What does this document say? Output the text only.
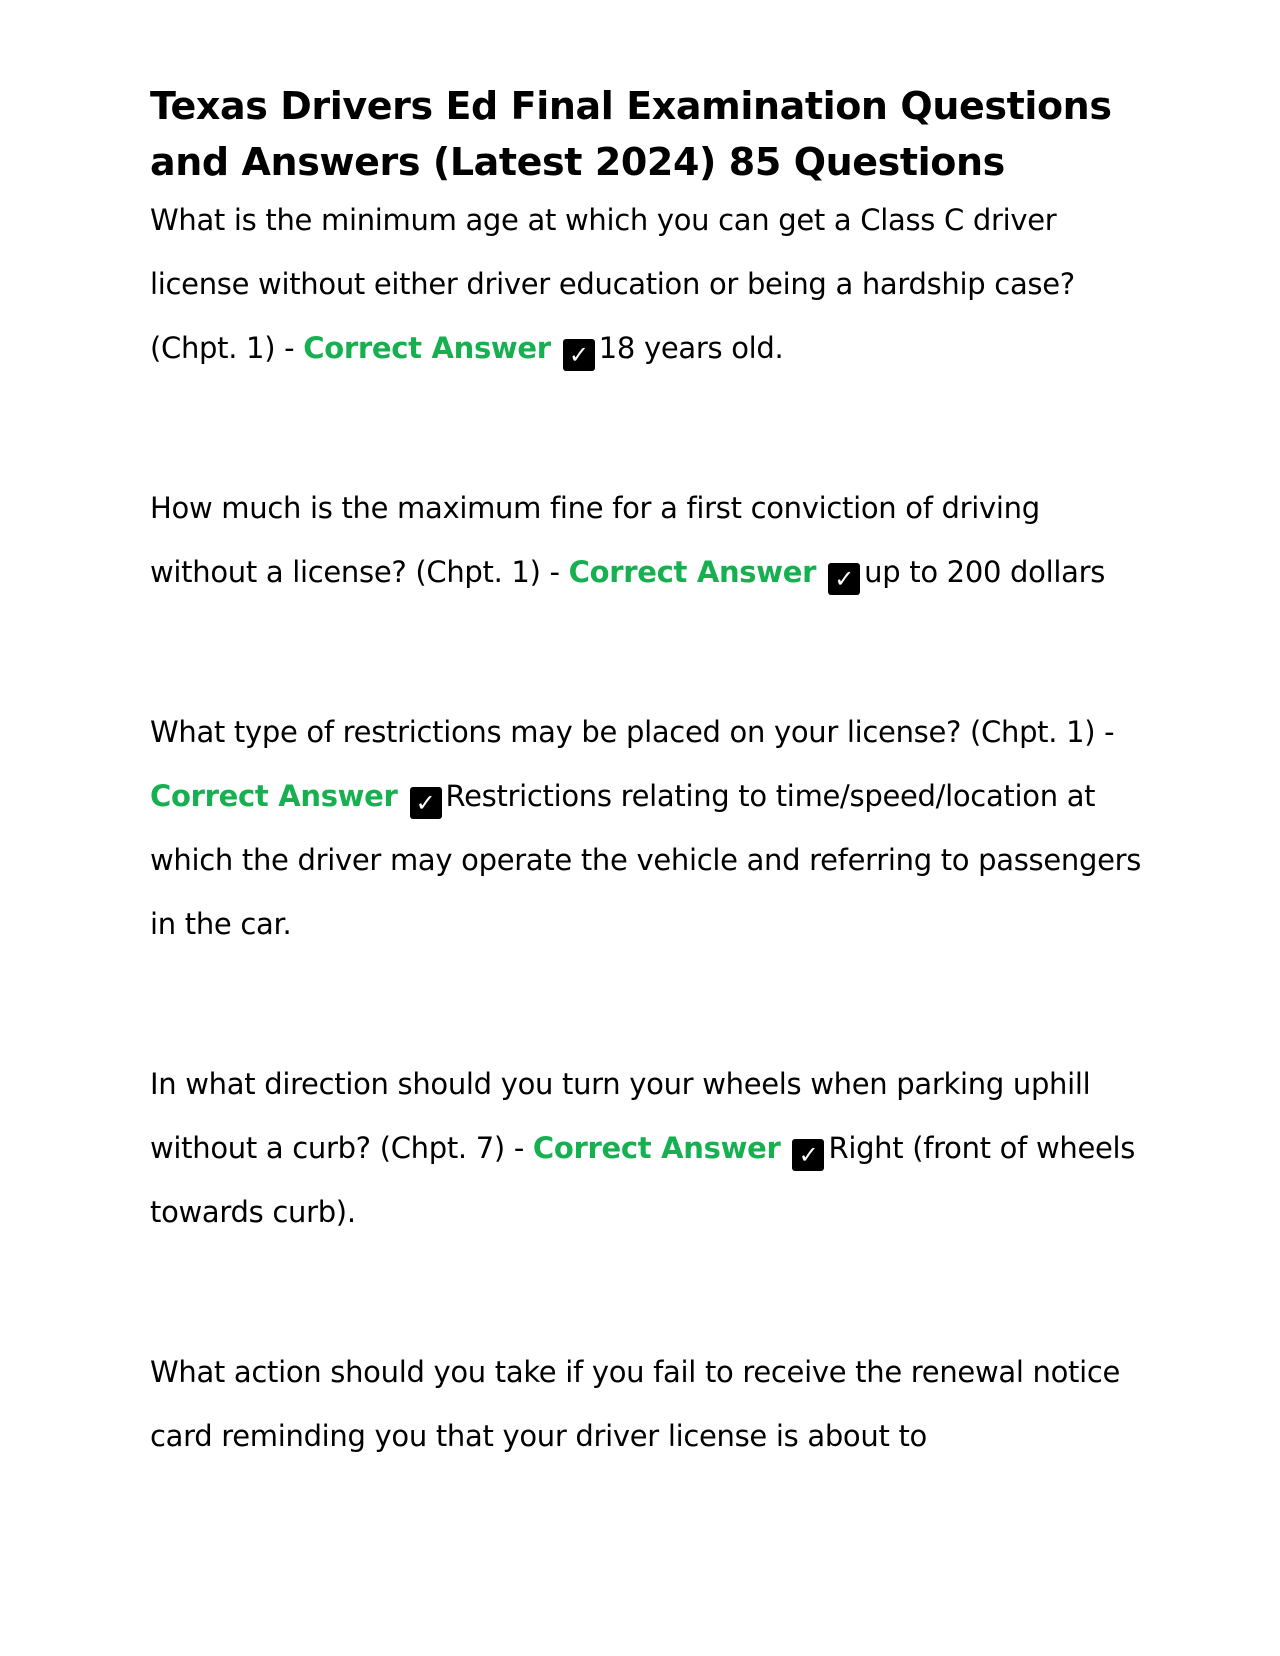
Texas Drivers Ed Final Examination Questions and Answers (Latest 2024) 85 Questions

What is the minimum age at which you can get a Class C driver license without either driver education or being a hardship case? (Chpt. 1) - Correct Answer ✓ 18 years old.

How much is the maximum fine for a first conviction of driving without a license? (Chpt. 1) - Correct Answer ✓ up to 200 dollars

What type of restrictions may be placed on your license? (Chpt. 1) - Correct Answer ✓ Restrictions relating to time/speed/location at which the driver may operate the vehicle and referring to passengers in the car.

In what direction should you turn your wheels when parking uphill without a curb? (Chpt. 7) - Correct Answer ✓ Right (front of wheels towards curb).

What action should you take if you fail to receive the renewal notice card reminding you that your driver license is about to
